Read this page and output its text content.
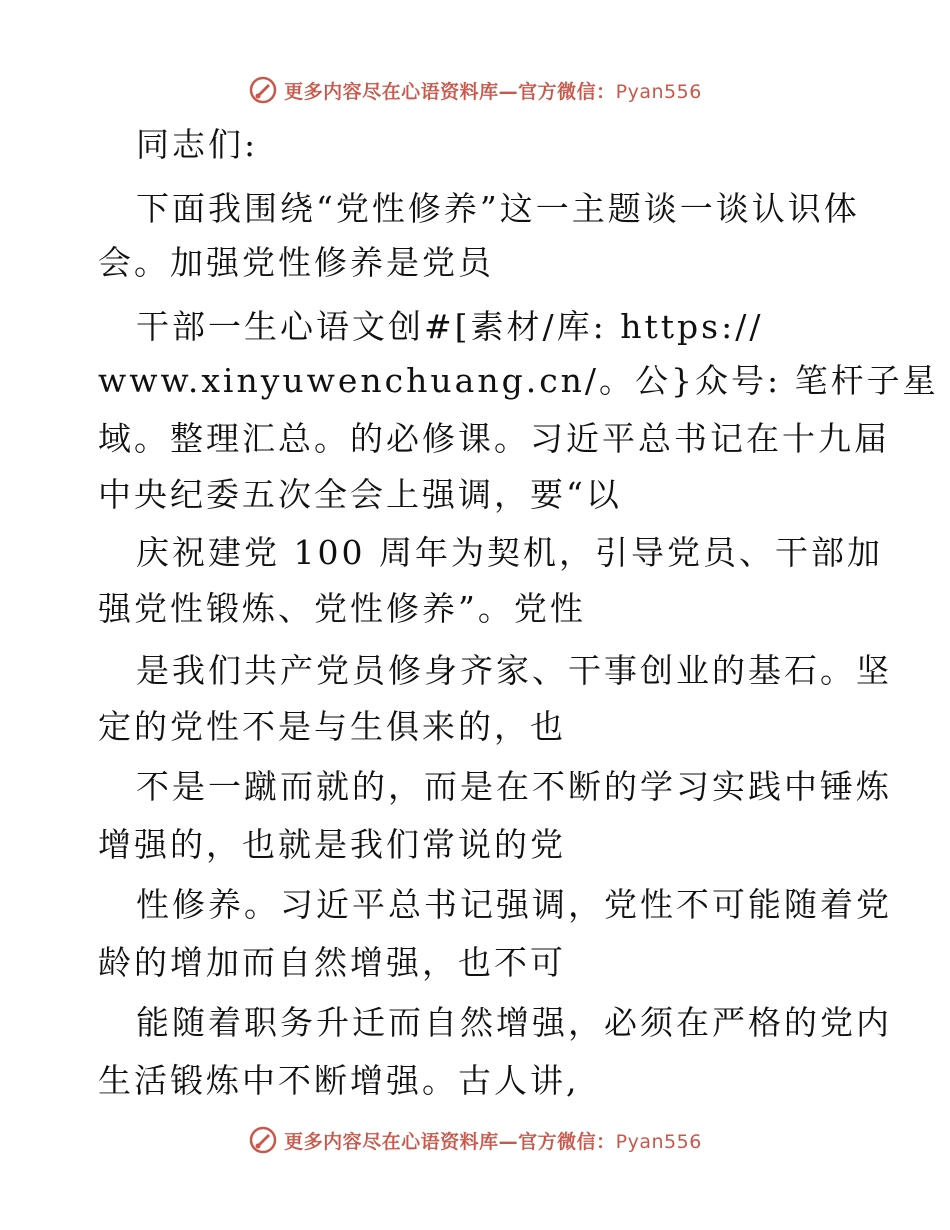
更多内容尽在心语资料库—官方微信：Pyan556
同志们:
下面我围绕“党性修养”这一主题谈一谈认识体
会。加强党性修养是党员
干部一生心语文创#[素材/库: https://
www.xinyuwenchuang.cn/。公}众号: 笔杆子星
域。整理汇总。的必修课。习近平总书记在十九届
中央纪委五次全会上强调，要“以
庆祝建党 100 周年为契机，引导党员、干部加
强党性锻炼、党性修养”。党性
是我们共产党员修身齐家、干事创业的基石。坚
定的党性不是与生俱来的，也
不是一蹴而就的，而是在不断的学习实践中锤炼
增强的，也就是我们常说的党
性修养。习近平总书记强调，党性不可能随着党
龄的增加而自然增强，也不可
能随着职务升迁而自然增强，必须在严格的党内
生活锻炼中不断增强。古人讲,
更多内容尽在心语资料库—官方微信：Pyan556
